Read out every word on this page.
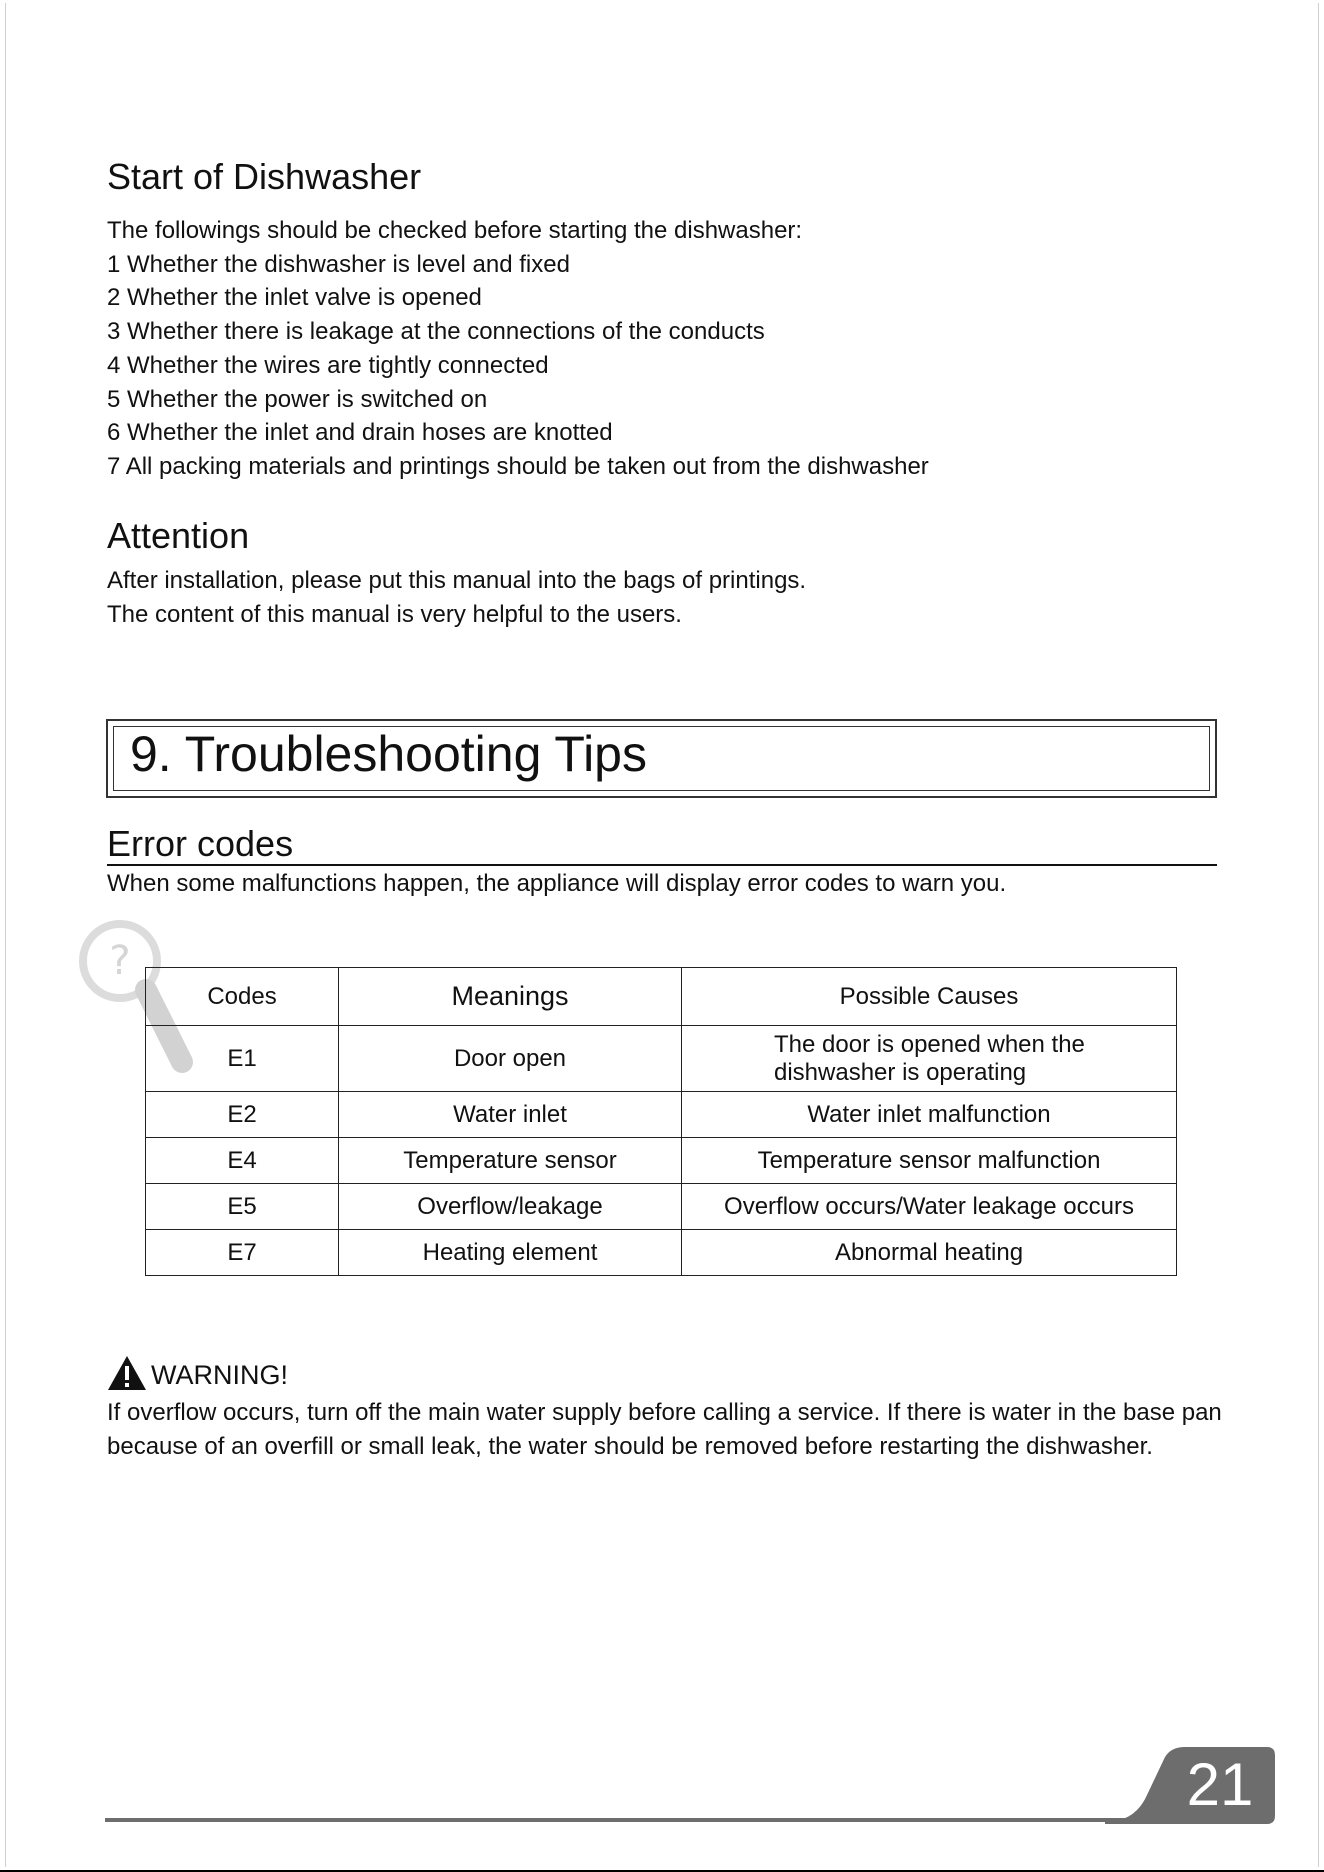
Start of Dishwasher
The followings should be checked before starting the dishwasher:
1 Whether the dishwasher is level and fixed
2 Whether the inlet valve is opened
3 Whether there is leakage at the connections of the conducts
4 Whether the wires are tightly connected
5 Whether the power is switched on
6 Whether the inlet and drain hoses are knotted
7 All packing materials and printings should be taken out from the dishwasher
Attention
After installation, please put this manual into the bags of printings.
The content of this manual is very helpful to the users.
9. Troubleshooting Tips
Error codes
When some malfunctions happen, the appliance will display error codes to warn you.
?
Codes	Meanings	Possible Causes
E1	Door open	The door is opened when the
dishwasher is operating

E2	Water inlet	Water inlet malfunction
E4	Temperature sensor	Temperature sensor malfunction
E5	Overflow/leakage	Overflow occurs/Water leakage occurs
E7	Heating element	Abnormal heating
WARNING!
If overflow occurs, turn off the main water supply before calling a service. If there is water in the base pan because of an overfill or small leak, the water should be removed before restarting the dishwasher.
21
